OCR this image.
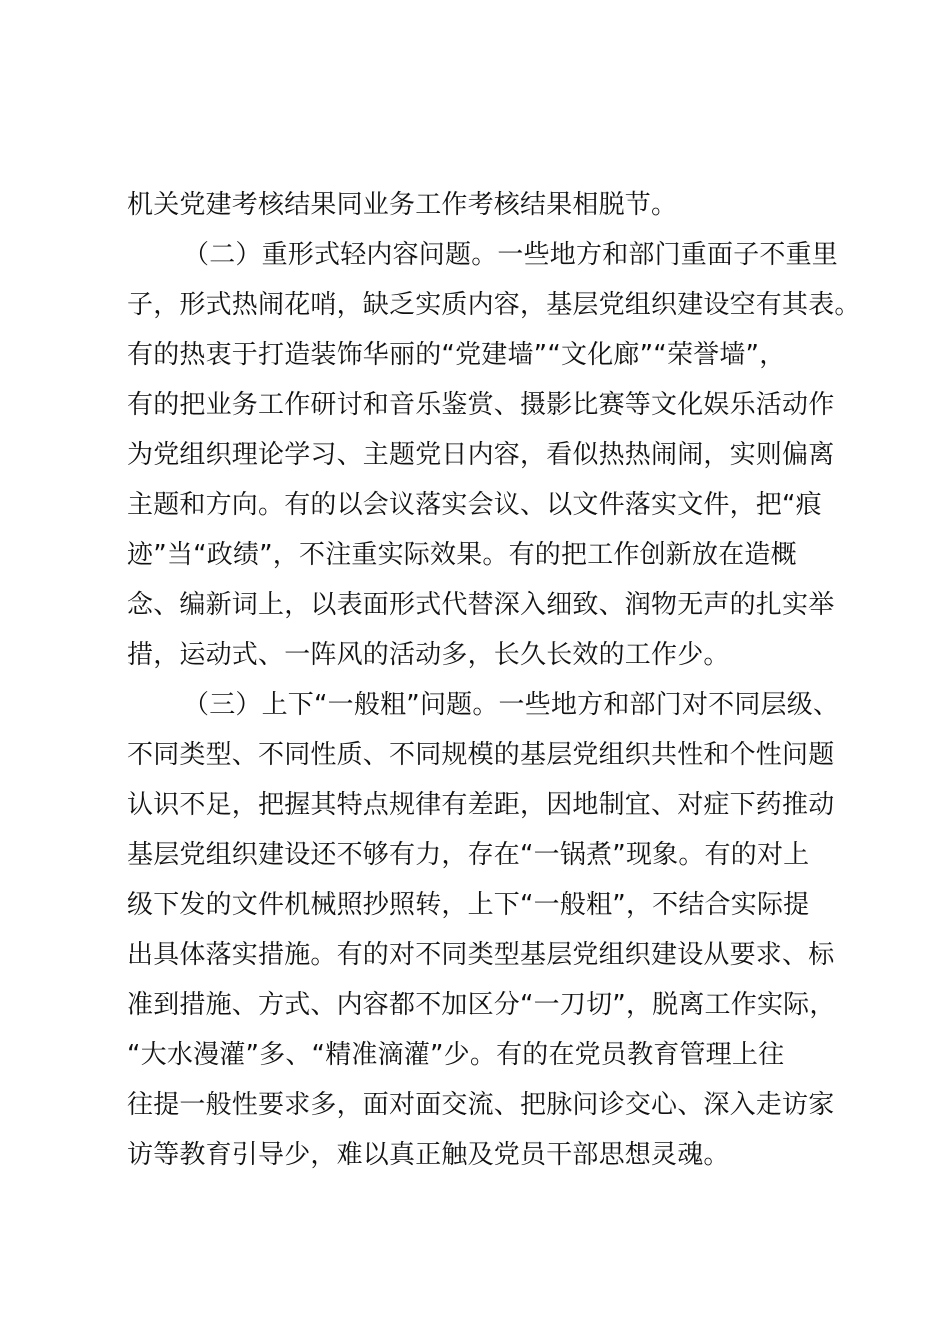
机关党建考核结果同业务工作考核结果相脱节。
（二）重形式轻内容问题。一些地方和部门重面子不重里
子，形式热闹花哨，缺乏实质内容，基层党组织建设空有其表。
有的热衷于打造装饰华丽的“党建墙”“文化廊”“荣誉墙”，
有的把业务工作研讨和音乐鉴赏、摄影比赛等文化娱乐活动作
为党组织理论学习、主题党日内容，看似热热闹闹，实则偏离
主题和方向。有的以会议落实会议、以文件落实文件，把“痕
迹”当“政绩”，不注重实际效果。有的把工作创新放在造概
念、编新词上，以表面形式代替深入细致、润物无声的扎实举
措，运动式、一阵风的活动多，长久长效的工作少。
（三）上下“一般粗”问题。一些地方和部门对不同层级、
不同类型、不同性质、不同规模的基层党组织共性和个性问题
认识不足，把握其特点规律有差距，因地制宜、对症下药推动
基层党组织建设还不够有力，存在“一锅煮”现象。有的对上
级下发的文件机械照抄照转，上下“一般粗”，不结合实际提
出具体落实措施。有的对不同类型基层党组织建设从要求、标
准到措施、方式、内容都不加区分“一刀切”，脱离工作实际，
“大水漫灌”多、“精准滴灌”少。有的在党员教育管理上往
往提一般性要求多，面对面交流、把脉问诊交心、深入走访家
访等教育引导少，难以真正触及党员干部思想灵魂。
